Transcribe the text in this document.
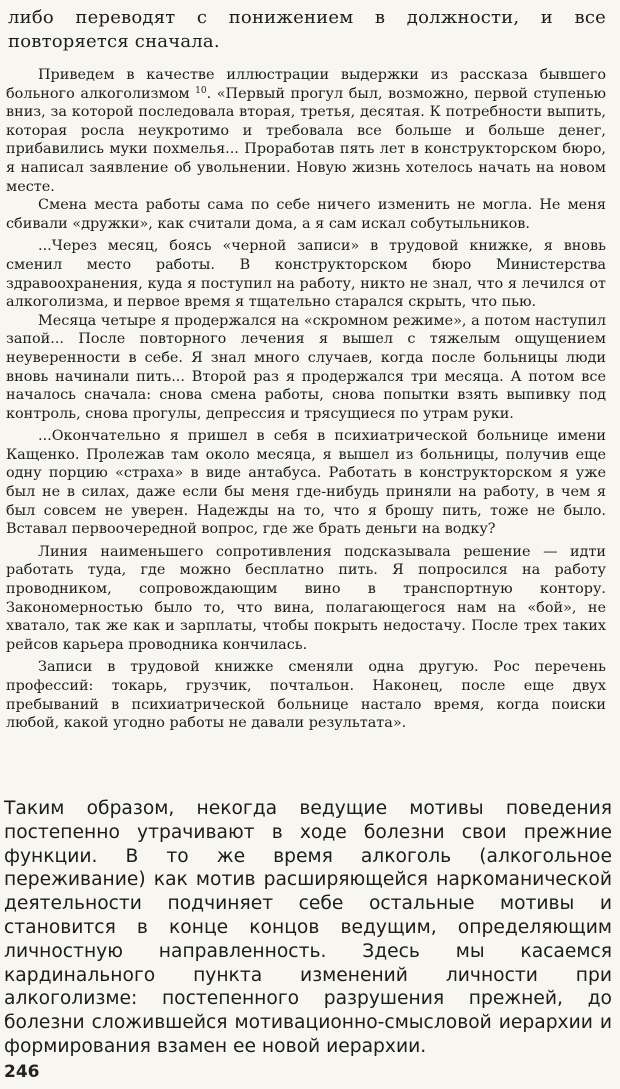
либо переводят с понижением в должности, и все повторяется сначала.

Приведем в качестве иллюстрации выдержки из рассказа бывшего больного алкоголизмом $^{10}$. «Первый прогул был, возможно, первой ступенью вниз, за которой последовала вторая, третья, десятая. К потребности выпить, которая росла неукротимо и требовала все больше и больше денег, прибавились муки похмелья... Проработав пять лет в конструкторском бюро, я написал заявление об увольнении. Новую жизнь хотелось начать на новом месте.

Смена места работы сама по себе ничего изменить не могла. Не меня сбивали «дружки», как считали дома, а я сам искал собутыльников.

...Через месяц, боясь «черной записи» в трудовой книжке, я вновь сменил место работы. В конструкторском бюро Министерства здравоохранения, куда я поступил на работу, никто не знал, что я лечился от алкоголизма, и первое время я тщательно старался скрыть, что пью.

Месяца четыре я продержался на «скромном режиме», а потом наступил запой... После повторного лечения я вышел с тяжелым ощущением неуверенности в себе. Я знал много случаев, когда после больницы люди вновь начинали пить... Второй раз я продержался три месяца. А потом все началось сначала: снова смена работы, снова попытки взять выпивку под контроль, снова прогулы, депрессия и трясущиеся по утрам руки.

...Окончательно я пришел в себя в психиатрической больнице имени Кащенко. Пролежав там около месяца, я вышел из больницы, получив еще одну порцию «страха» в виде антабуса. Работать в конструкторском я уже был не в силах, даже если бы меня где-нибудь приняли на работу, в чем я был совсем не уверен. Надежды на то, что я брошу пить, тоже не было. Вставал первоочередной вопрос, где же брать деньги на водку?

Линия наименьшего сопротивления подсказывала решение — идти работать туда, где можно бесплатно пить. Я попросился на работу проводником, сопровождающим вино в транспортную контору. Закономерностью было то, что вина, полагающегося нам на «бой», не хватало, так же как и зарплаты, чтобы покрыть недостачу. После трех таких рейсов карьера проводника кончилась.

Записи в трудовой книжке сменяли одна другую. Рос перечень профессий: токарь, грузчик, почтальон. Наконец, после еще двух пребываний в психиатрической больнице настало время, когда поиски любой, какой угодно работы не давали результата».

Таким образом, некогда ведущие мотивы поведения постепенно утрачивают в ходе болезни свои прежние функции. В то же время алкоголь (алкогольное переживание) как мотив расширяющейся наркоманической деятельности подчиняет себе остальные мотивы и становится в конце концов ведущим, определяющим личностную направленность. Здесь мы касаемся кардинального пункта изменений личности при алкоголизме: постепенного разрушения прежней, до болезни сложившейся мотивационно-смысловой иерархии и формирования взамен ее новой иерархии.

246
